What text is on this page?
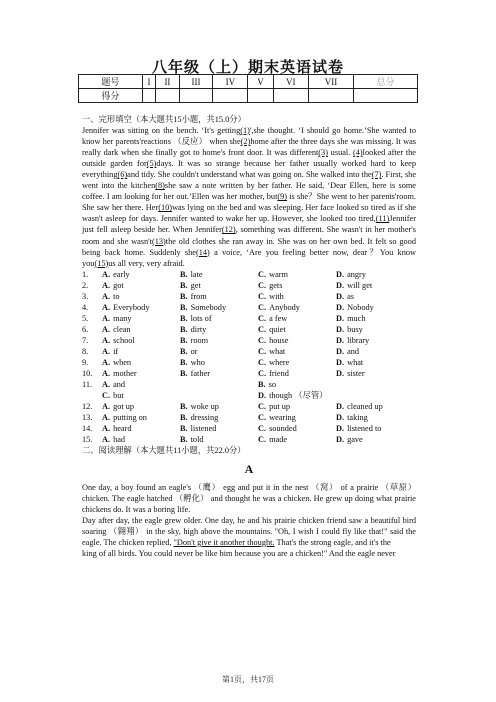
八年级（上）期末英语试卷
题号	I	II	III	IV	V	VI	VII	总分
得分								
一、完形填空（本大题共15小题，共15.0分）

Jennifer was sitting on the bench. ‘It's getting(1)',she thought. ‘I should go home.’She wanted to know her parents'reactions （反应） when she(2)home after the three days she was missing. It was really dark when she finally got to home's front door. It was different(3) usual. (4)looked after the outside garden for(5)days. It was so strange because her father usually worked hard to keep everything(6)and tidy. She couldn't understand what was going on. She walked into the(7). First, she went into the kitchen(8)she saw a note written by her father. He said, ‘Dear Ellen, here is some coffee. I am looking for her out.’Ellen was her mother, but(9) is she？She went to her parents'room. She saw her there. Her(10)was lying on the bed and was sleeping. Her face looked so tired as if she wasn't asleep for days. Jennifer wanted to wake her up. However, she looked too tired,(11)Jennifer just fell asleep beside her. When Jennifer(12), something was different. She wasn't in her mother's room and she wasn't(13)the old clothes she ran away in. She was on her own bed. It felt so good being back home. Suddenly she(14) a voice, ‘Are you feeling better now, dear？You know you(15)us all very, very afraid.

1.	A. early	B. late	C. warm	D. angry
2.	A. got	B. get	C. gets	D. will get
3.	A. to	B. from	C. with	D. as
4.	A. Everybody	B. Somebody	C. Anybody	D. Nobody
5.	A. many	B. lots of	C. a few	D. much
6.	A. clean	B. dirty	C. quiet	D. busy
7.	A. school	B. room	C. house	D. library
8.	A. if	B. or	C. what	D. and
9.	A. when	B. who	C. where	D. what
10.	A. mother	B. father	C. friend	D. sister
11.	A. and	B. so
C. but	D. though （尽管）
12.	A. got up	B. woke up	C. put up	D. cleaned up
13.	A. putting on	B. dressing	C. wearing	D. taking
14.	A. heard	B. listened	C. sounded	D. listened to
15.	A. had	B. told	C. made	D. gave
二、阅读理解（本大题共11小题，共22.0分）
A

One day, a boy found an eagle's （鹰） egg and put it in the nest （窝） of a prairie （草原） chicken. The eagle hatched （孵化） and thought he was a chicken. He grew up doing what prairie chickens do. It was a boring life.

Day after day, the eagle grew older. One day, he and his prairie chicken friend saw a beautiful bird soaring （翱翔） in the sky, high above the mountains. "Oh, I wish I could fly like that!" said the eagle. The chicken replied, "Don't give it another thought. That's the strong eagle, and it's the

king of all birds. You could never be like him because you are a chicken!" And the eagle never

第1页，共17页
